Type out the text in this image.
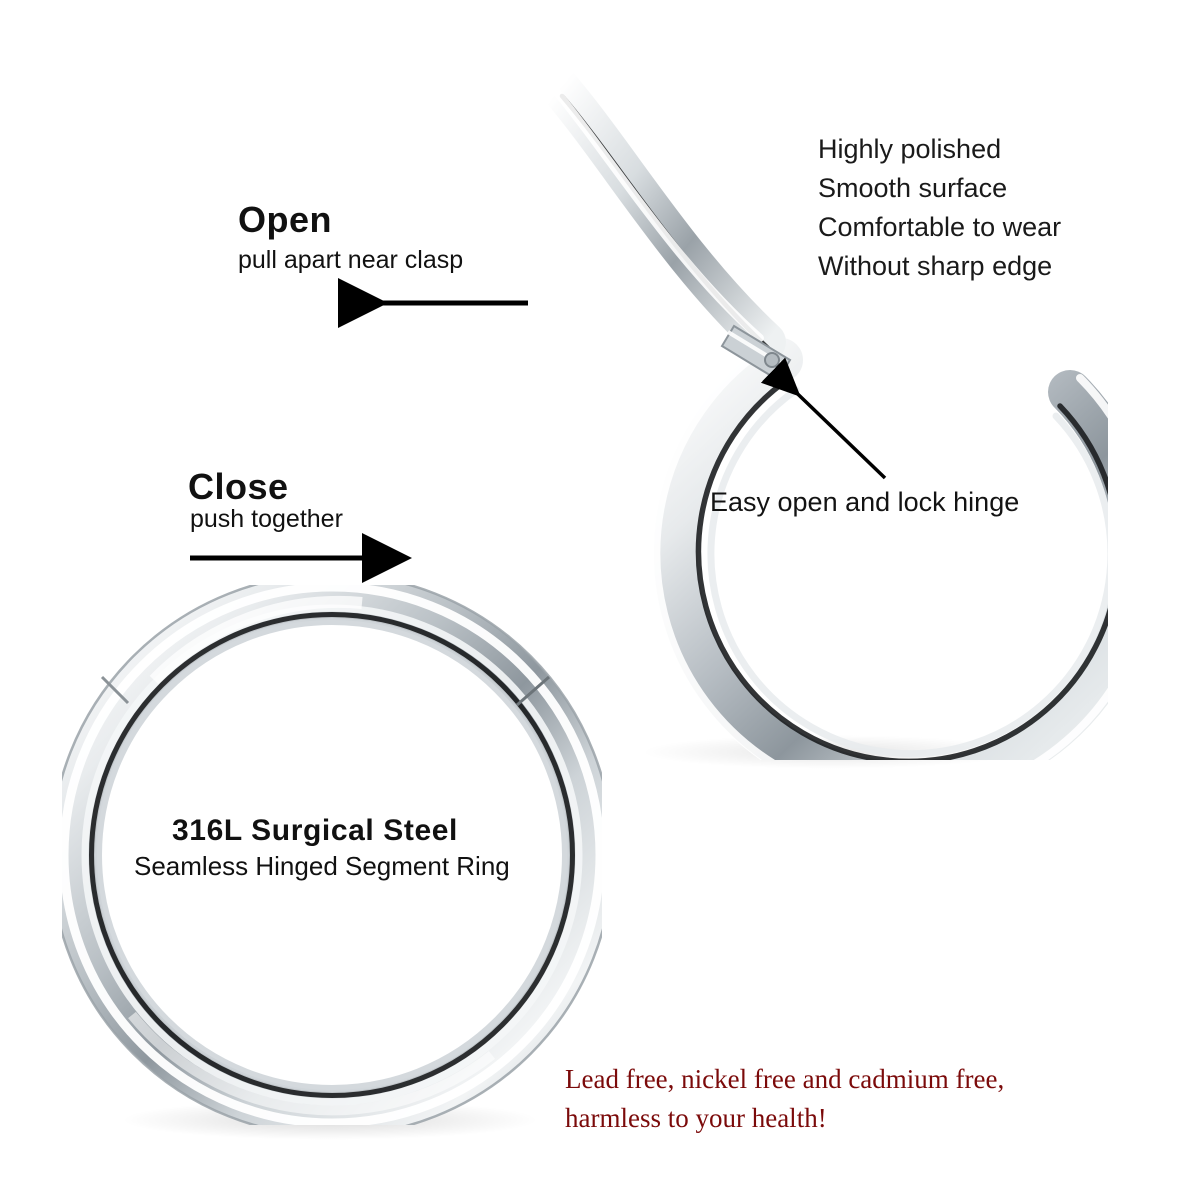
Highly polished
Smooth surface
Comfortable to wear
Without sharp edge
Open
pull apart near clasp
Close
push together
Easy open and lock hinge
316L Surgical Steel
Seamless Hinged Segment Ring
Lead free, nickel free and cadmium free,
harmless to your health!
